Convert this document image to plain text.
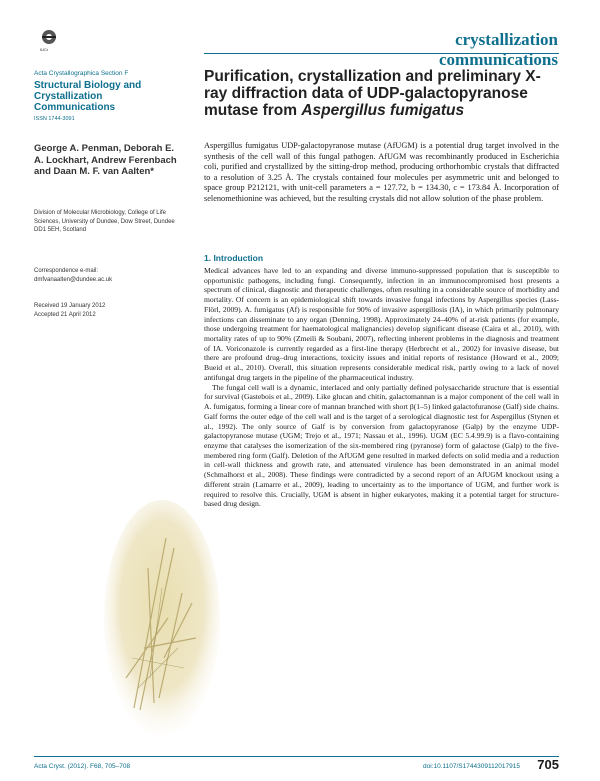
IUCr
crystallization communications
Acta Crystallographica Section F
Structural Biology and Crystallization Communications
ISSN 1744-3091
Purification, crystallization and preliminary X-ray diffraction data of UDP-galactopyranose mutase from Aspergillus fumigatus
George A. Penman, Deborah E. A. Lockhart, Andrew Ferenbach and Daan M. F. van Aalten*
Division of Molecular Microbiology, College of Life Sciences, University of Dundee, Dow Street, Dundee DD1 5EH, Scotland
Correspondence e-mail:
dmfvanaalten@dundee.ac.uk
Received 19 January 2012
Accepted 21 April 2012
Aspergillus fumigatus UDP-galactopyranose mutase (AfUGM) is a potential drug target involved in the synthesis of the cell wall of this fungal pathogen. AfUGM was recombinantly produced in Escherichia coli, purified and crystallized by the sitting-drop method, producing orthorhombic crystals that diffracted to a resolution of 3.25 Å. The crystals contained four molecules per asymmetric unit and belonged to space group P212121, with unit-cell parameters a = 127.72, b = 134.30, c = 173.84 Å. Incorporation of selenomethionine was achieved, but the resulting crystals did not allow solution of the phase problem.
1. Introduction

Medical advances have led to an expanding and diverse immuno-suppressed population that is susceptible to opportunistic pathogens, including fungi. Consequently, infection in an immunocompromised host presents a spectrum of clinical, diagnostic and therapeutic challenges, often resulting in a considerable source of morbidity and mortality. Of concern is an epidemiological shift towards invasive fungal infections by Aspergillus species (Lass-Flörl, 2009). A. fumigatus (Af) is responsible for 90% of invasive aspergillosis (IA), in which primarily pulmonary infections can disseminate to any organ (Denning, 1998). Approximately 24–40% of at-risk patients (for example, those undergoing treatment for haematological malignancies) develop significant disease (Caira et al., 2010), with mortality rates of up to 90% (Zmeili & Soubani, 2007), reflecting inherent problems in the diagnosis and treatment of IA. Voriconazole is currently regarded as a first-line therapy (Herbrecht et al., 2002) for invasive disease, but there are profound drug–drug interactions, toxicity issues and initial reports of resistance (Howard et al., 2009; Bueid et al., 2010). Overall, this situation represents considerable medical risk, partly owing to a lack of novel antifungal drug targets in the pipeline of the pharmaceutical industry.

The fungal cell wall is a dynamic, interlaced and only partially defined polysaccharide structure that is essential for survival (Gastebois et al., 2009). Like glucan and chitin, galactomannan is a major component of the cell wall in A. fumigatus, forming a linear core of mannan branched with short β(1–5) linked galactofuranose (Galf) side chains. Galf forms the outer edge of the cell wall and is the target of a serological diagnostic test for Aspergillus (Stynen et al., 1992). The only source of Galf is by conversion from galactopyranose (Galp) by the enzyme UDP-galactopyranose mutase (UGM; Trejo et al., 1971; Nassau et al., 1996). UGM (EC 5.4.99.9) is a flavo-containing enzyme that catalyses the isomerization of the six-membered ring (pyranose) form of galactose (Galp) to the five-membered ring form (Galf). Deletion of the AfUGM gene resulted in marked defects on solid media and a reduction in cell-wall thickness and growth rate, and attenuated virulence has been demonstrated in an animal model (Schmalhorst et al., 2008). These findings were contradicted by a second report of an AfUGM knockout using a different strain (Lamarre et al., 2009), leading to uncertainty as to the importance of UGM, and further work is required to resolve this. Crucially, UGM is absent in higher eukaryotes, making it a potential target for structure-based drug design.

Acta Cryst. (2012). F68, 705–708	doi:10.1107/S1744309112017915	705
